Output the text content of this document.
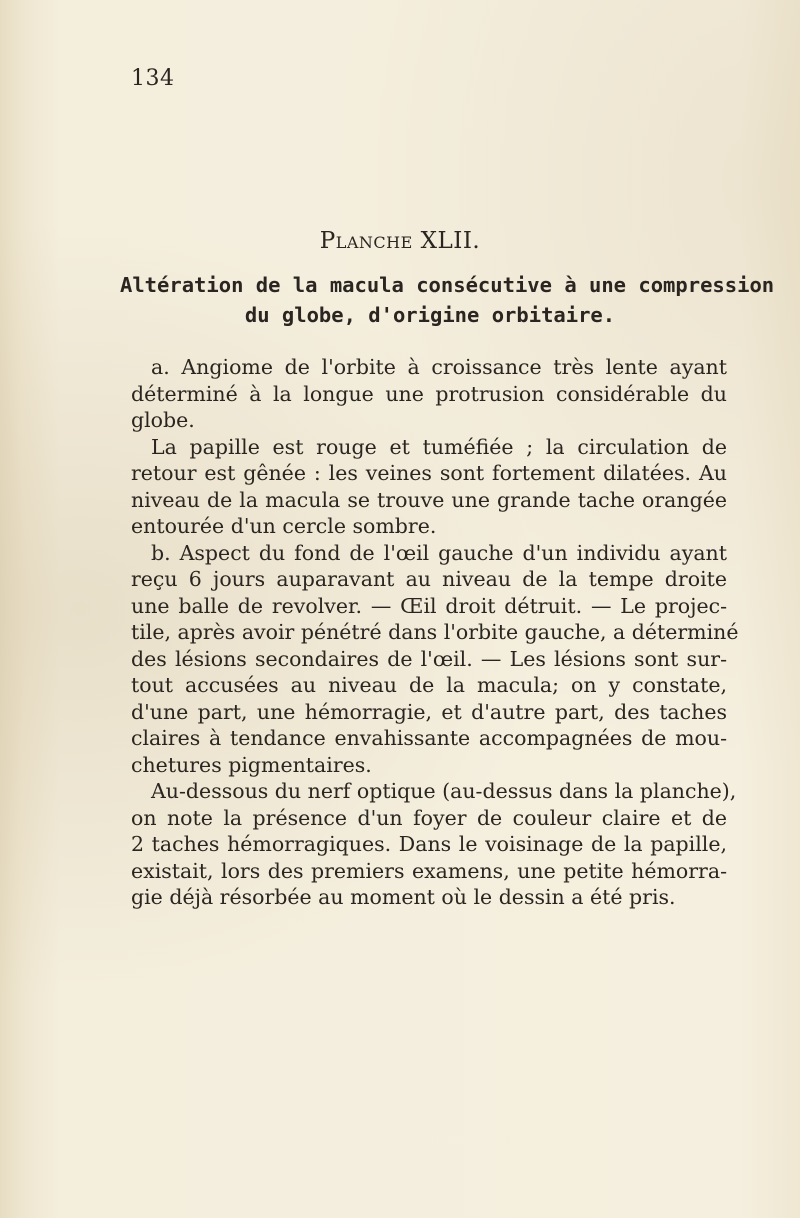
134

Planche XLII.
Altération de la macula consécutive à une compression
du globe, d'origine orbitaire.
a. Angiome de l'orbite à croissance très lente ayant
déterminé à la longue une protrusion considérable du
globe.
La papille est rouge et tuméfiée ; la circulation de
retour est gênée : les veines sont fortement dilatées. Au
niveau de la macula se trouve une grande tache orangée
entourée d'un cercle sombre.
b. Aspect du fond de l'œil gauche d'un individu ayant
reçu 6 jours auparavant au niveau de la tempe droite
une balle de revolver. — Œil droit détruit. — Le projec-
tile, après avoir pénétré dans l'orbite gauche, a déterminé
des lésions secondaires de l'œil. — Les lésions sont sur-
tout accusées au niveau de la macula; on y constate,
d'une part, une hémorragie, et d'autre part, des taches
claires à tendance envahissante accompagnées de mou-
chetures pigmentaires.
Au-dessous du nerf optique (au-dessus dans la planche),
on note la présence d'un foyer de couleur claire et de
2 taches hémorragiques. Dans le voisinage de la papille,
existait, lors des premiers examens, une petite hémorra-
gie déjà résorbée au moment où le dessin a été pris.
